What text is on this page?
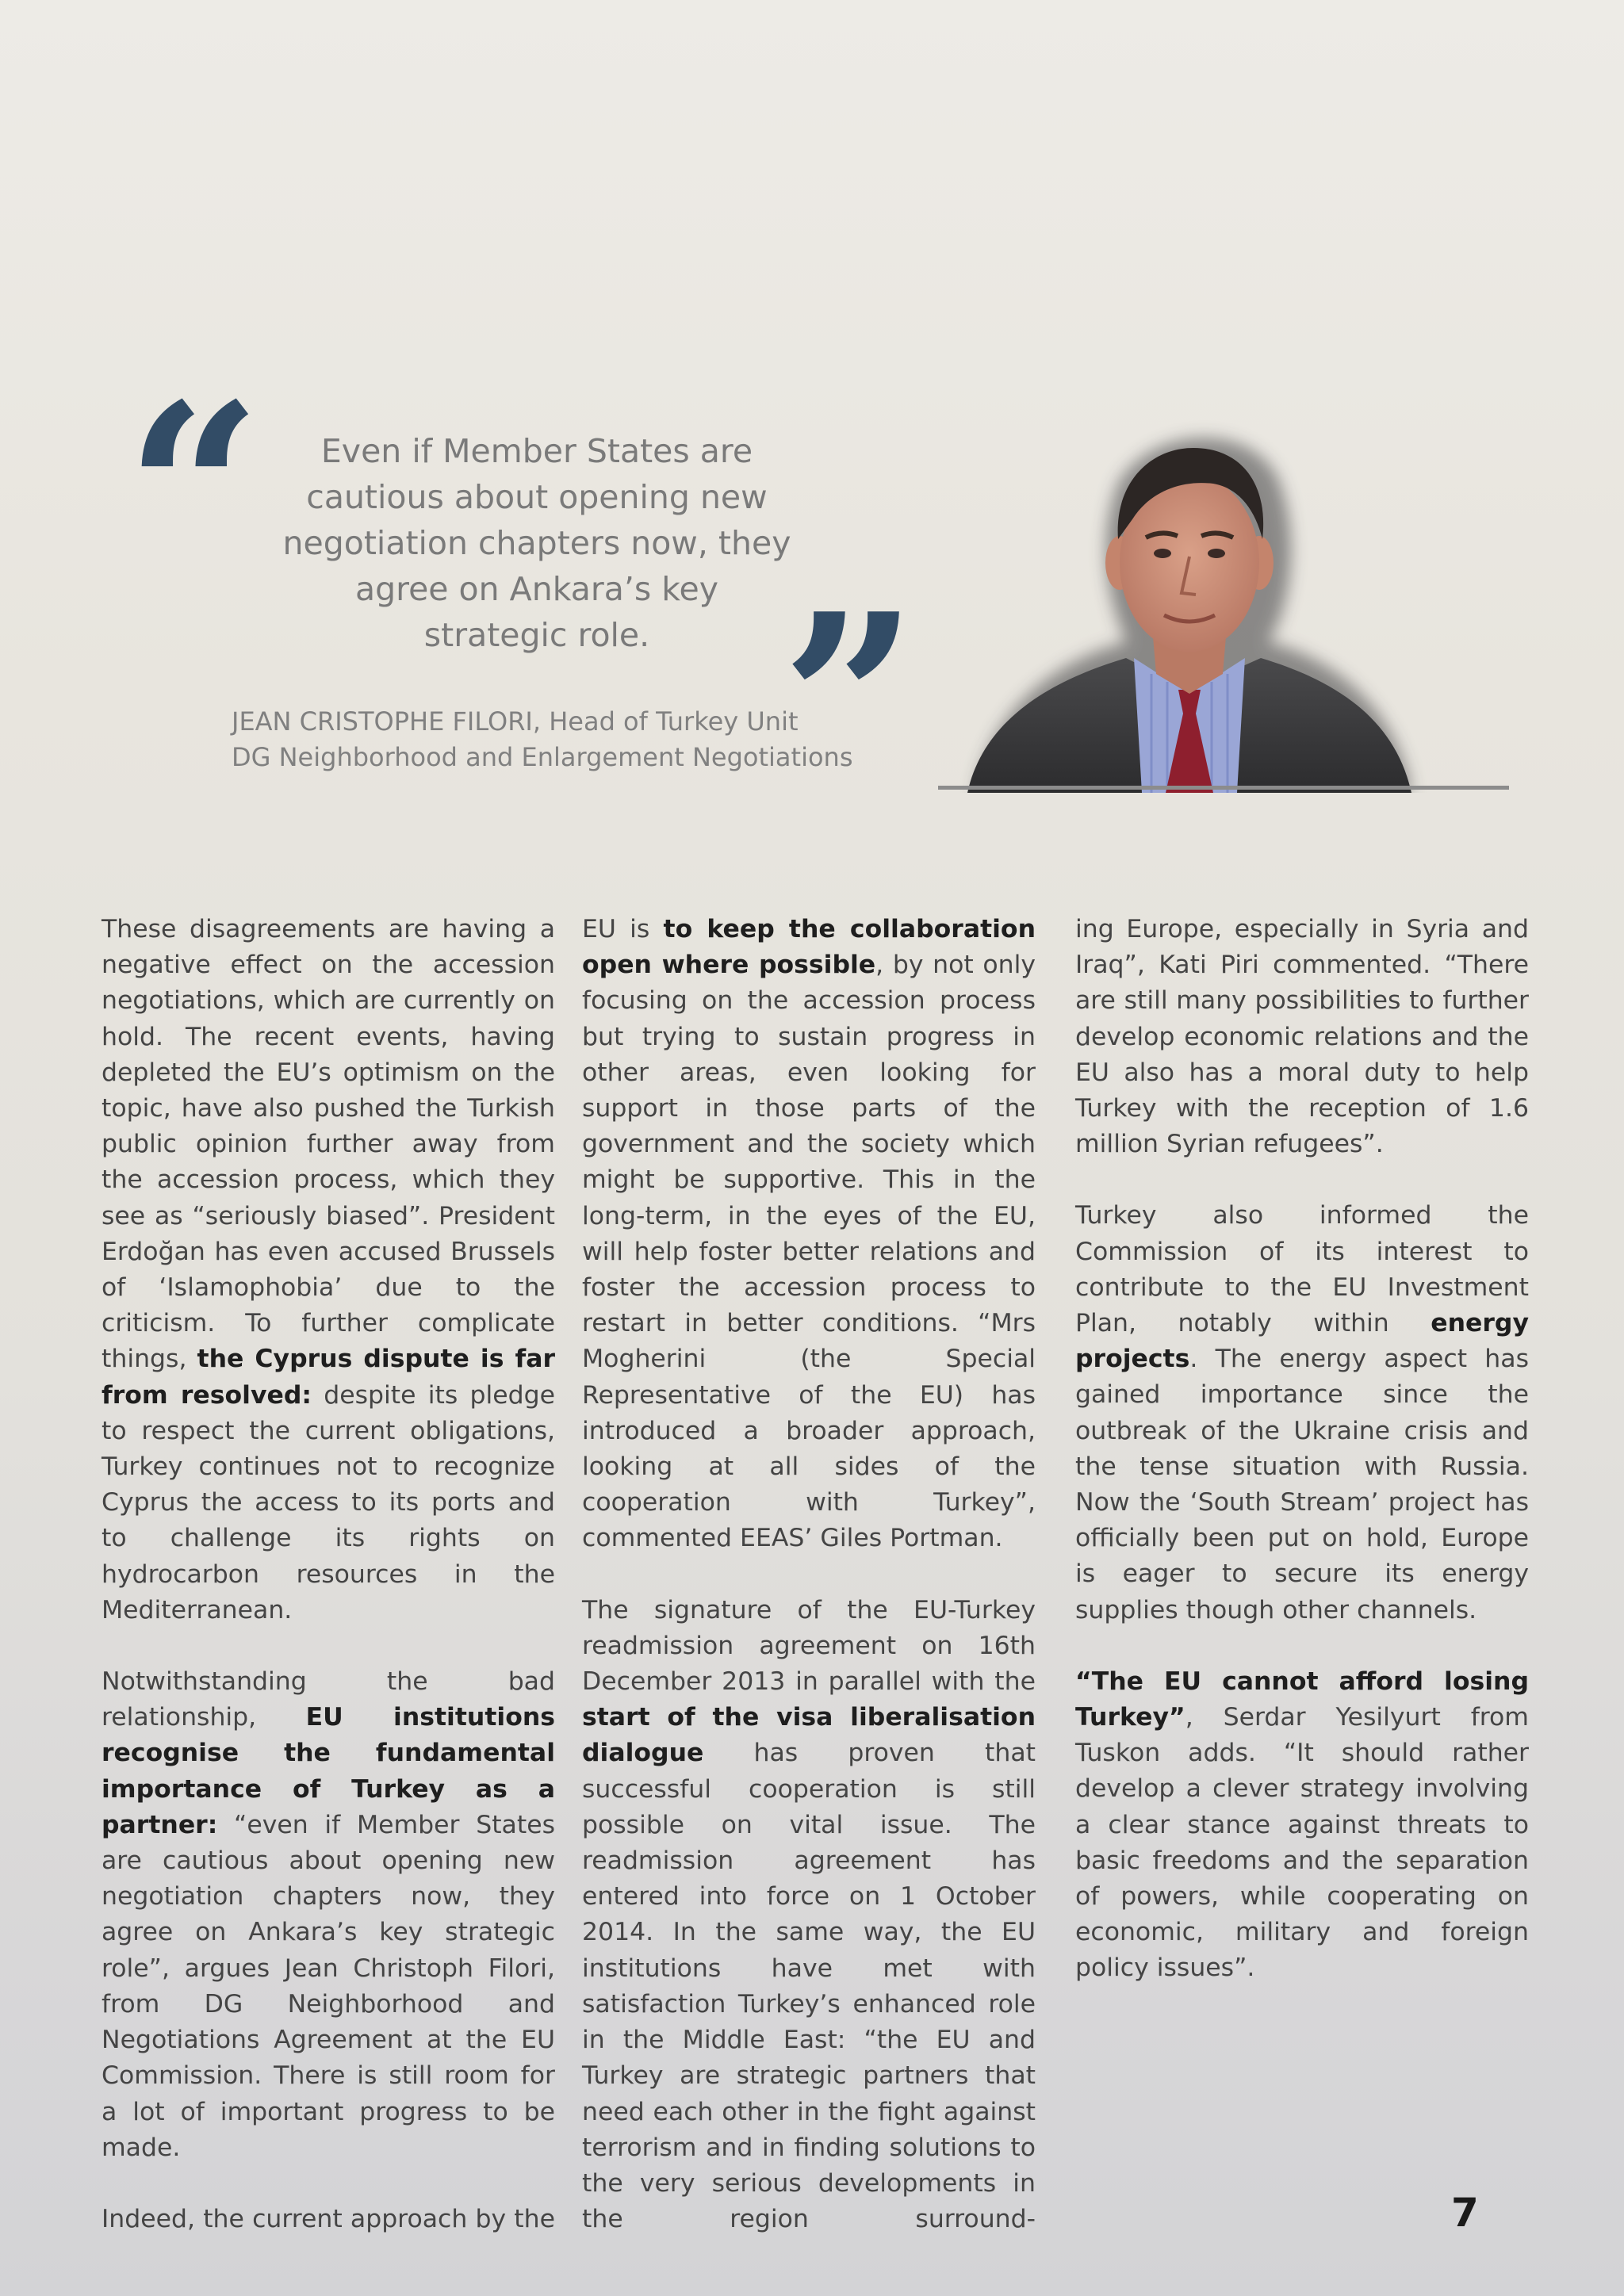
“	Even if Member States are cautious about opening new negotiation chapters now, they agree on Ankara’s key strategic role. ”
JEAN CRISTOPHE FILORI, Head of Turkey Unit
DG Neighborhood and Enlargement Negotiations

These disagreements are having a negative effect on the accession negotiations, which are currently on hold. The recent events, having depleted the EU’s optimism on the topic, have also pushed the Turkish public opinion further away from the accession process, which they see as “seriously biased”. President Erdoğan has even accused Brussels of ‘Islamophobia’ due to the criticism. To further complicate things, the Cyprus dispute is far from resolved: despite its pledge to respect the current obligations, Turkey continues not to recognize Cyprus the access to its ports and to challenge its rights on hydrocarbon resources in the Mediterranean.

Notwithstanding the bad relationship, EU institutions recognise the fundamental importance of Turkey as a partner: “even if Member States are cautious about opening new negotiation chapters now, they agree on Ankara’s key strategic role”, argues Jean Christoph Filori, from DG Neighborhood and Negotiations Agreement at the EU Commission. There is still room for a lot of important progress to be made.

Indeed, the current approach by the

EU is to keep the collaboration open where possible, by not only focusing on the accession process but trying to sustain progress in other areas, even looking for support in those parts of the government and the society which might be supportive. This in the long-term, in the eyes of the EU, will help foster better relations and foster the accession process to restart in better conditions. “Mrs Mogherini (the Special Representative of the EU) has introduced a broader approach, looking at all sides of the cooperation with Turkey”, commented EEAS’ Giles Portman.

The signature of the EU-Turkey readmission agreement on 16th December 2013 in parallel with the start of the visa liberalisation dialogue has proven that successful cooperation is still possible on vital issue. The readmission agreement has entered into force on 1 October 2014. In the same way, the EU institutions have met with satisfaction Turkey’s enhanced role in the Middle East: “the EU and Turkey are strategic partners that need each other in the fight against terrorism and in finding solutions to the very serious developments in the region surround-

ing Europe, especially in Syria and Iraq”, Kati Piri commented. “There are still many possibilities to further develop economic relations and the EU also has a moral duty to help Turkey with the reception of 1.6 million Syrian refugees”.

Turkey also informed the Commission of its interest to contribute to the EU Investment Plan, notably within energy projects. The energy aspect has gained importance since the outbreak of the Ukraine crisis and the tense situation with Russia. Now the ‘South Stream’ project has officially been put on hold, Europe is eager to secure its energy supplies though other channels.

“The EU cannot afford losing Turkey”, Serdar Yesilyurt from Tuskon adds. “It should rather develop a clever strategy involving a clear stance against threats to basic freedoms and the separation of powers, while cooperating on economic, military and foreign policy issues”.

7
